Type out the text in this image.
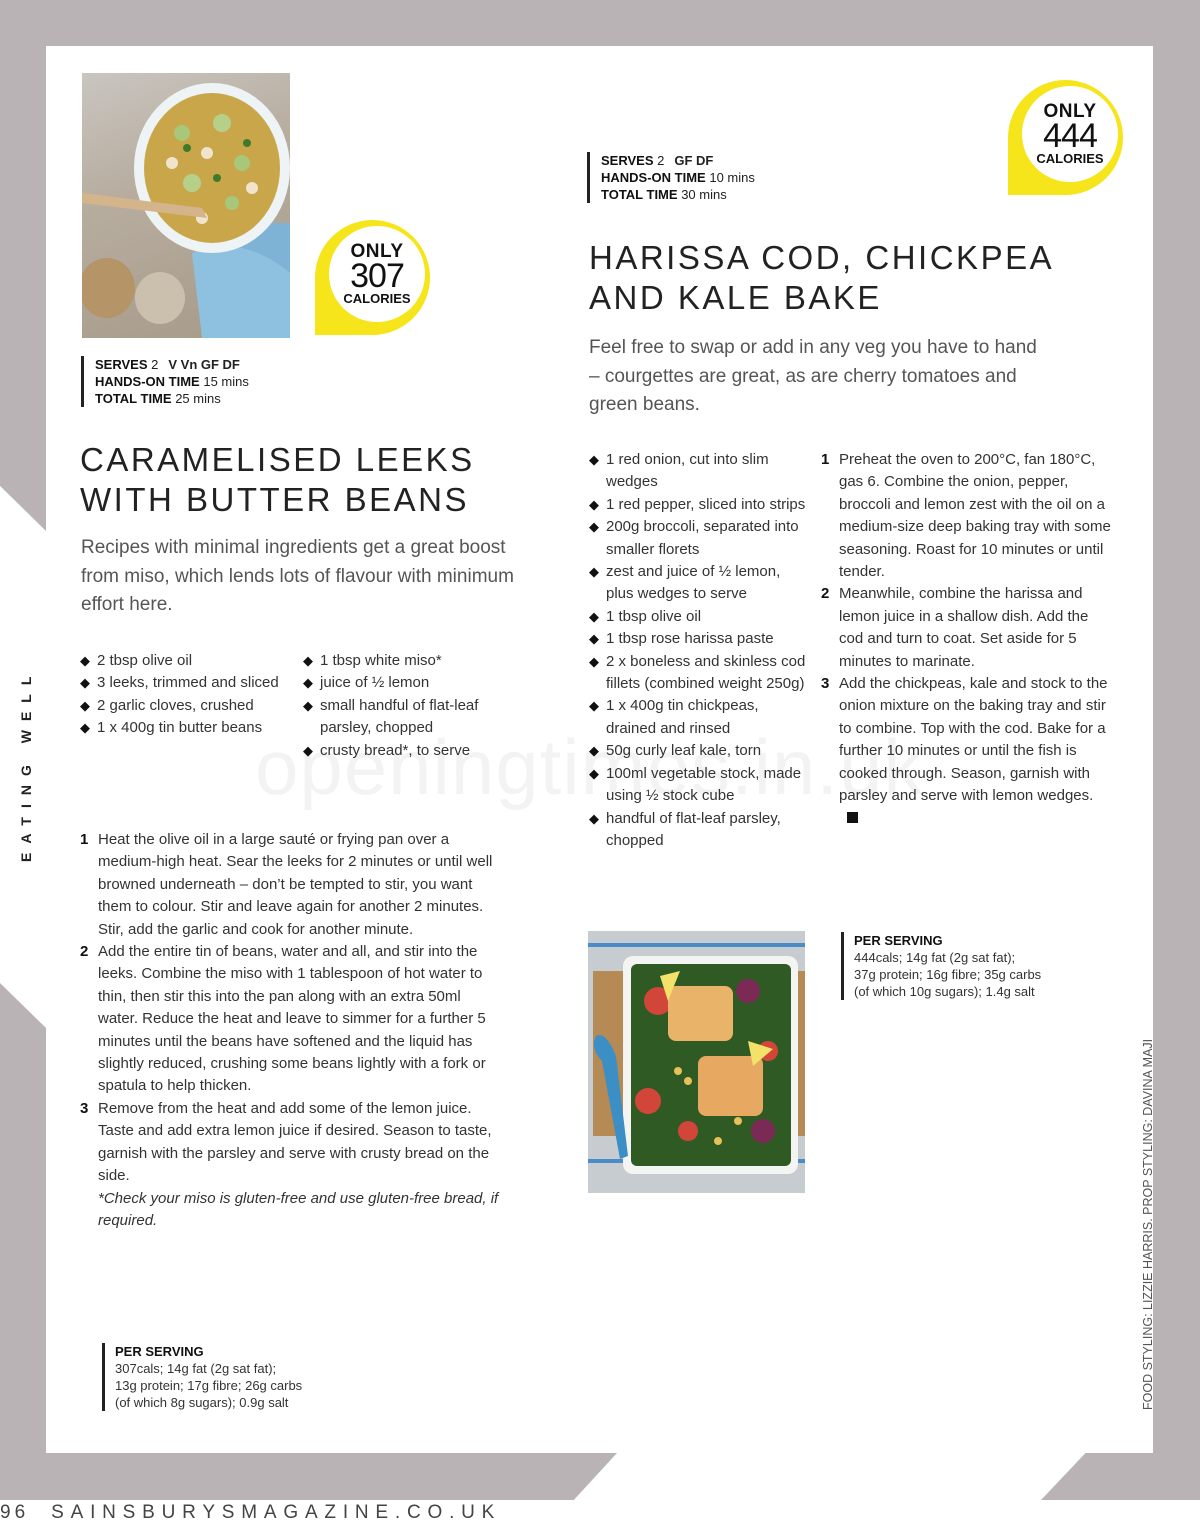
EATING WELL
ONLY
307
CALORIES
SERVES 2 V Vn GF DF
HANDS-ON TIME 15 mins
TOTAL TIME 25 mins
CARAMELISED LEEKS
WITH BUTTER BEANS

Recipes with minimal ingredients get a great boost from miso, which lends lots of flavour with minimum effort here.

◆ 2 tbsp olive oil
◆ 3 leeks, trimmed and sliced
◆ 2 garlic cloves, crushed
◆ 1 x 400g tin butter beans
◆ 1 tbsp white miso*
◆ juice of ½ lemon
◆ small handful of flat-leaf parsley, chopped
◆ crusty bread*, to serve
1 Heat the olive oil in a large sauté or frying pan over a medium-high heat. Sear the leeks for 2 minutes or until well browned underneath – don’t be tempted to stir, you want them to colour. Stir and leave again for another 2 minutes. Stir, add the garlic and cook for another minute.
2 Add the entire tin of beans, water and all, and stir into the leeks. Combine the miso with 1 tablespoon of hot water to thin, then stir this into the pan along with an extra 50ml water. Reduce the heat and leave to simmer for a further 5 minutes until the beans have softened and the liquid has slightly reduced, crushing some beans lightly with a fork or spatula to help thicken.
3 Remove from the heat and add some of the lemon juice. Taste and add extra lemon juice if desired. Season to taste, garnish with the parsley and serve with crusty bread on the side.
*Check your miso is gluten-free and use gluten-free bread, if required.
PER SERVING
307cals; 14g fat (2g sat fat);
13g protein; 17g fibre; 26g carbs
(of which 8g sugars); 0.9g salt
SERVES 2 GF DF
HANDS-ON TIME 10 mins
TOTAL TIME 30 mins
ONLY
444
CALORIES
HARISSA COD, CHICKPEA
AND KALE BAKE

Feel free to swap or add in any veg you have to hand – courgettes are great, as are cherry tomatoes and green beans.

◆ 1 red onion, cut into slim wedges
◆ 1 red pepper, sliced into strips
◆ 200g broccoli, separated into smaller florets
◆ zest and juice of ½ lemon, plus wedges to serve
◆ 1 tbsp olive oil
◆ 1 tbsp rose harissa paste
◆ 2 x boneless and skinless cod fillets (combined weight 250g)
◆ 1 x 400g tin chickpeas, drained and rinsed
◆ 50g curly leaf kale, torn
◆ 100ml vegetable stock, made using ½ stock cube
◆ handful of flat-leaf parsley, chopped
1 Preheat the oven to 200°C, fan 180°C, gas 6. Combine the onion, pepper, broccoli and lemon zest with the oil on a medium-size deep baking tray with some seasoning. Roast for 10 minutes or until tender.
2 Meanwhile, combine the harissa and lemon juice in a shallow dish. Add the cod and turn to coat. Set aside for 5 minutes to marinate.
3 Add the chickpeas, kale and stock to the onion mixture on the baking tray and stir to combine. Top with the cod. Bake for a further 10 minutes or until the fish is cooked through. Season, garnish with parsley and serve with lemon wedges.
PER SERVING
444cals; 14g fat (2g sat fat);
37g protein; 16g fibre; 35g carbs
(of which 10g sugars); 1.4g salt
FOOD STYLING: LIZZIE HARRIS. PROP STYLING: DAVINA MAJI
96 SAINSBURYSMAGAZINE.CO.UK
